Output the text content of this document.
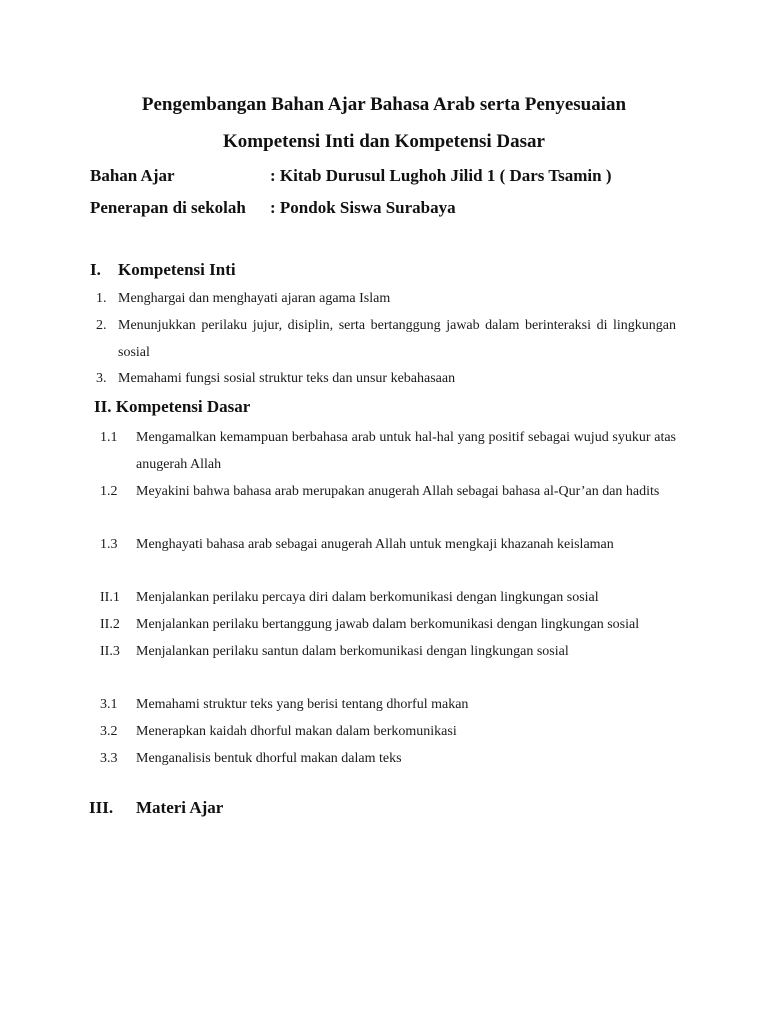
Pengembangan Bahan Ajar Bahasa Arab serta Penyesuaian
Kompetensi Inti dan Kompetensi Dasar
Bahan Ajar	: Kitab Durusul Lughoh Jilid 1 ( Dars Tsamin )
Penerapan di sekolah : Pondok Siswa Surabaya
I. Kompetensi Inti
1. Menghargai dan menghayati ajaran agama Islam
2. Menunjukkan perilaku jujur, disiplin, serta bertanggung jawab dalam berinteraksi di lingkungan sosial
3. Memahami fungsi sosial struktur teks dan unsur kebahasaan
II. Kompetensi Dasar
1.1 Mengamalkan kemampuan berbahasa arab untuk hal-hal yang positif sebagai wujud syukur atas anugerah Allah
1.2 Meyakini bahwa bahasa arab merupakan anugerah Allah sebagai bahasa al-Qur’an dan hadits
1.3 Menghayati bahasa arab sebagai anugerah Allah untuk mengkaji khazanah keislaman
II.1 Menjalankan perilaku percaya diri dalam berkomunikasi dengan lingkungan sosial
II.2 Menjalankan perilaku bertanggung jawab dalam berkomunikasi dengan lingkungan sosial
II.3 Menjalankan perilaku santun dalam berkomunikasi dengan lingkungan sosial
3.1 Memahami struktur teks yang berisi tentang dhorful makan
3.2 Menerapkan kaidah dhorful makan dalam berkomunikasi
3.3 Menganalisis bentuk dhorful makan dalam teks
III. Materi Ajar
